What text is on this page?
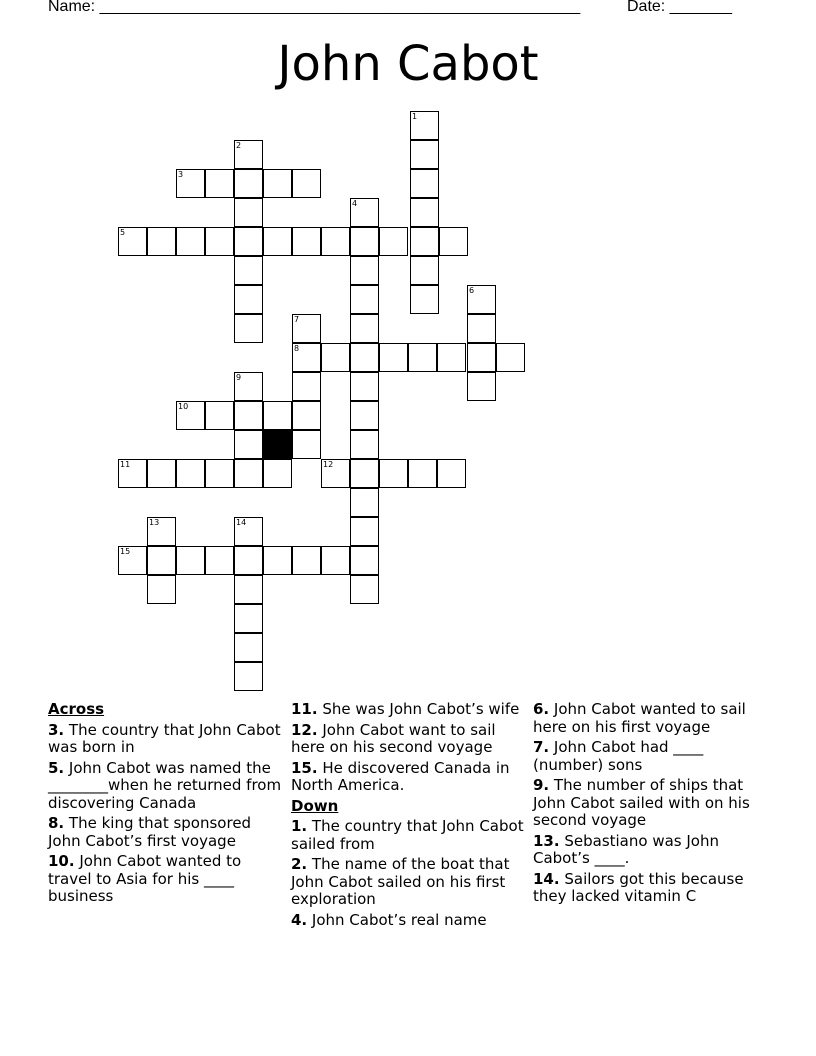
Name: ______________________________________________________	Date: _______
John Cabot
1
2
3
4
5
6
7
8
9
10
11	12
13	14
15
Across
3. The country that John Cabot was born in
5. John Cabot was named the ________when he returned from discovering Canada
8. The king that sponsored John Cabot’s first voyage
10. John Cabot wanted to travel to Asia for his ____ business
11. She was John Cabot’s wife
12. John Cabot want to sail here on his second voyage
15. He discovered Canada in North America.
Down
1. The country that John Cabot sailed from
2. The name of the boat that John Cabot sailed on his first exploration
4. John Cabot’s real name
6. John Cabot wanted to sail here on his first voyage
7. John Cabot had ____ (number) sons
9. The number of ships that John Cabot sailed with on his second voyage
13. Sebastiano was John Cabot’s ____.
14. Sailors got this because they lacked vitamin C
